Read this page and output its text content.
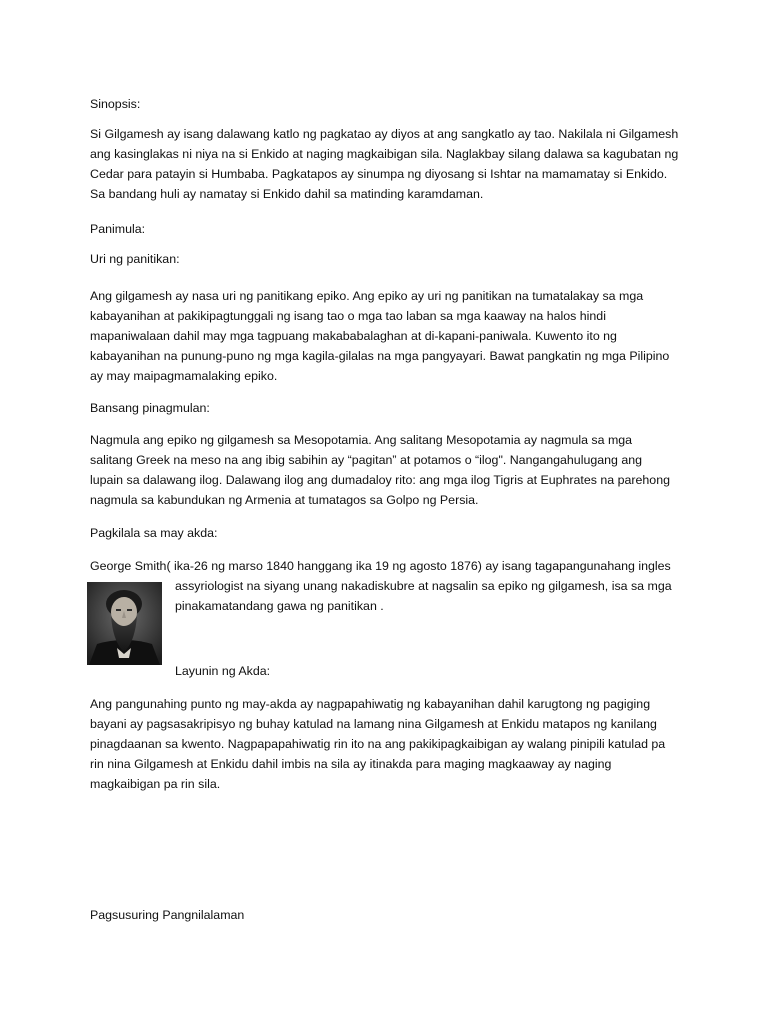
Sinopsis:

Si Gilgamesh ay isang dalawang katlo ng pagkatao ay diyos at ang sangkatlo ay tao. Nakilala ni Gilgamesh
ang kasinglakas ni niya na si Enkido at naging magkaibigan sila. Naglakbay silang dalawa sa kagubatan ng
Cedar para patayin si Humbaba. Pagkatapos ay sinumpa ng diyosang si Ishtar na mamamatay si Enkido.
Sa bandang huli ay namatay si Enkido dahil sa matinding karamdaman.

Panimula:

Uri ng panitikan:

Ang gilgamesh ay nasa uri ng panitikang epiko. Ang epiko ay uri ng panitikan na tumatalakay sa mga
kabayanihan at pakikipagtunggali ng isang tao o mga tao laban sa mga kaaway na halos hindi
mapaniwalaan dahil may mga tagpuang makababalaghan at di-kapani-paniwala. Kuwento ito ng
kabayanihan na punung-puno ng mga kagila-gilalas na mga pangyayari. Bawat pangkatin ng mga Pilipino
ay may maipagmamalaking epiko.

Bansang pinagmulan:

Nagmula ang epiko ng gilgamesh sa Mesopotamia. Ang salitang Mesopotamia ay nagmula sa mga
salitang Greek na meso na ang ibig sabihin ay “pagitan” at potamos o “ilog". Nangangahulugang ang
lupain sa dalawang ilog. Dalawang ilog ang dumadaloy rito: ang mga ilog Tigris at Euphrates na parehong
nagmula sa kabundukan ng Armenia at tumatagos sa Golpo ng Persia.

Pagkilala sa may akda:

George Smith( ika-26 ng marso 1840 hanggang ika 19 ng agosto 1876) ay isang tagapangunahang ingles

assyriologist na siyang unang nakadiskubre at nagsalin sa epiko ng gilgamesh, isa sa mga
pinakamatandang gawa ng panitikan .

Layunin ng Akda:

Ang pangunahing punto ng may-akda ay nagpapahiwatig ng kabayanihan dahil karugtong ng pagiging
bayani ay pagsasakripisyo ng buhay katulad na lamang nina Gilgamesh at Enkidu matapos ng kanilang
pinagdaanan sa kwento. Nagpapapahiwatig rin ito na ang pakikipagkaibigan ay walang pinipili katulad pa
rin nina Gilgamesh at Enkidu dahil imbis na sila ay itinakda para maging magkaaway ay naging
magkaibigan pa rin sila.

Pagsusuring Pangnilalaman
